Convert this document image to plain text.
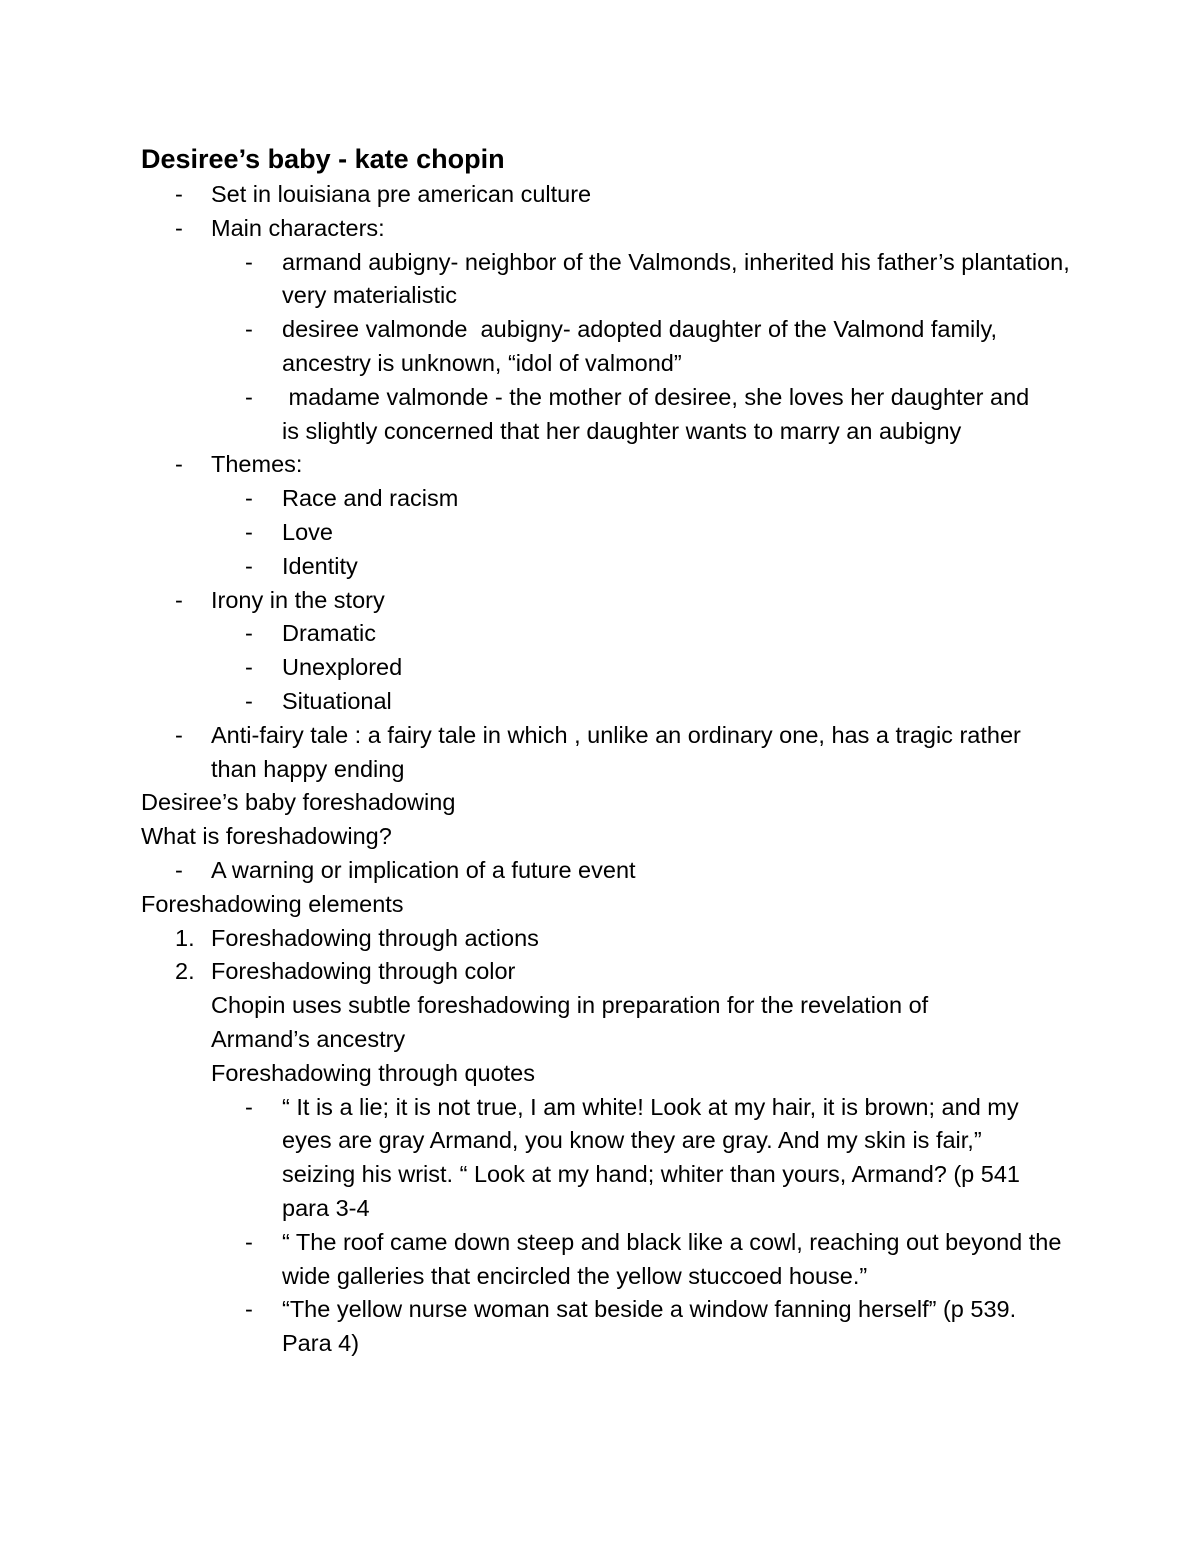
Desiree’s baby - kate chopin
- Set in louisiana pre american culture
- Main characters:
- armand aubigny- neighbor of the Valmonds, inherited his father’s plantation, very materialistic
- desiree valmonde  aubigny- adopted daughter of the Valmond family, ancestry is unknown, “idol of valmond”
- madame valmonde - the mother of desiree, she loves her daughter and is slightly concerned that her daughter wants to marry an aubigny
- Themes:
- Race and racism
- Love
- Identity
- Irony in the story
- Dramatic
- Unexplored
- Situational
- Anti-fairy tale : a fairy tale in which , unlike an ordinary one, has a tragic rather than happy ending
Desiree’s baby foreshadowing
What is foreshadowing?
- A warning or implication of a future event
Foreshadowing elements
1. Foreshadowing through actions
2. Foreshadowing through color
Chopin uses subtle foreshadowing in preparation for the revelation of Armand’s ancestry
Foreshadowing through quotes
- “ It is a lie; it is not true, I am white! Look at my hair, it is brown; and my eyes are gray Armand, you know they are gray. And my skin is fair,” seizing his wrist. “ Look at my hand; whiter than yours, Armand? (p 541 para 3-4
- “ The roof came down steep and black like a cowl, reaching out beyond the wide galleries that encircled the yellow stuccoed house.”
- “The yellow nurse woman sat beside a window fanning herself” (p 539. Para 4)
